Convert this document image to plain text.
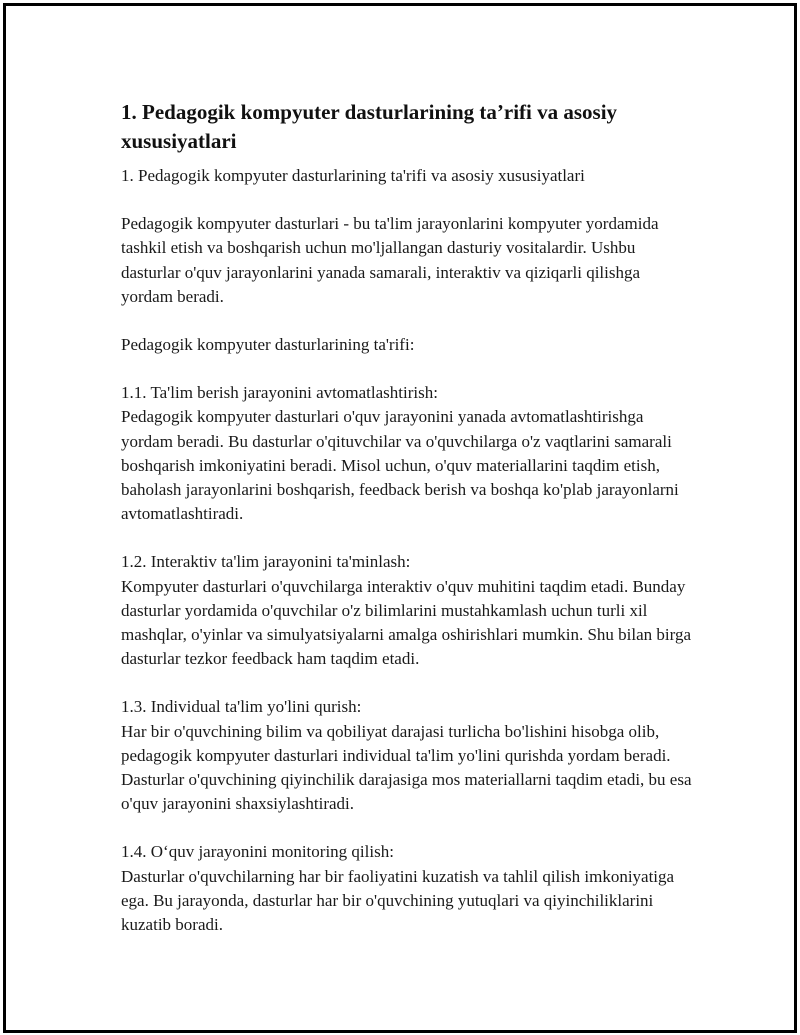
1. Pedagogik kompyuter dasturlarining ta’rifi va asosiy xususiyatlari

1. Pedagogik kompyuter dasturlarining ta'rifi va asosiy xususiyatlari

Pedagogik kompyuter dasturlari - bu ta'lim jarayonlarini kompyuter yordamida tashkil etish va boshqarish uchun mo'ljallangan dasturiy vositalardir. Ushbu dasturlar o'quv jarayonlarini yanada samarali, interaktiv va qiziqarli qilishga yordam beradi.

Pedagogik kompyuter dasturlarining ta'rifi:

1.1. Ta'lim berish jarayonini avtomatlashtirish:
Pedagogik kompyuter dasturlari o'quv jarayonini yanada avtomatlashtirishga yordam beradi. Bu dasturlar o'qituvchilar va o'quvchilarga o'z vaqtlarini samarali boshqarish imkoniyatini beradi. Misol uchun, o'quv materiallarini taqdim etish, baholash jarayonlarini boshqarish, feedback berish va boshqa ko'plab jarayonlarni avtomatlashtiradi.

1.2. Interaktiv ta'lim jarayonini ta'minlash:
Kompyuter dasturlari o'quvchilarga interaktiv o'quv muhitini taqdim etadi. Bunday dasturlar yordamida o'quvchilar o'z bilimlarini mustahkamlash uchun turli xil mashqlar, o'yinlar va simulyatsiyalarni amalga oshirishlari mumkin. Shu bilan birga dasturlar tezkor feedback ham taqdim etadi.

1.3. Individual ta'lim yo'lini qurish:
Har bir o'quvchining bilim va qobiliyat darajasi turlicha bo'lishini hisobga olib, pedagogik kompyuter dasturlari individual ta'lim yo'lini qurishda yordam beradi. Dasturlar o'quvchining qiyinchilik darajasiga mos materiallarni taqdim etadi, bu esa o'quv jarayonini shaxsiylashtiradi.

1.4. O‘quv jarayonini monitoring qilish:
Dasturlar o'quvchilarning har bir faoliyatini kuzatish va tahlil qilish imkoniyatiga ega. Bu jarayonda, dasturlar har bir o'quvchining yutuqlari va qiyinchiliklarini kuzatib boradi.
